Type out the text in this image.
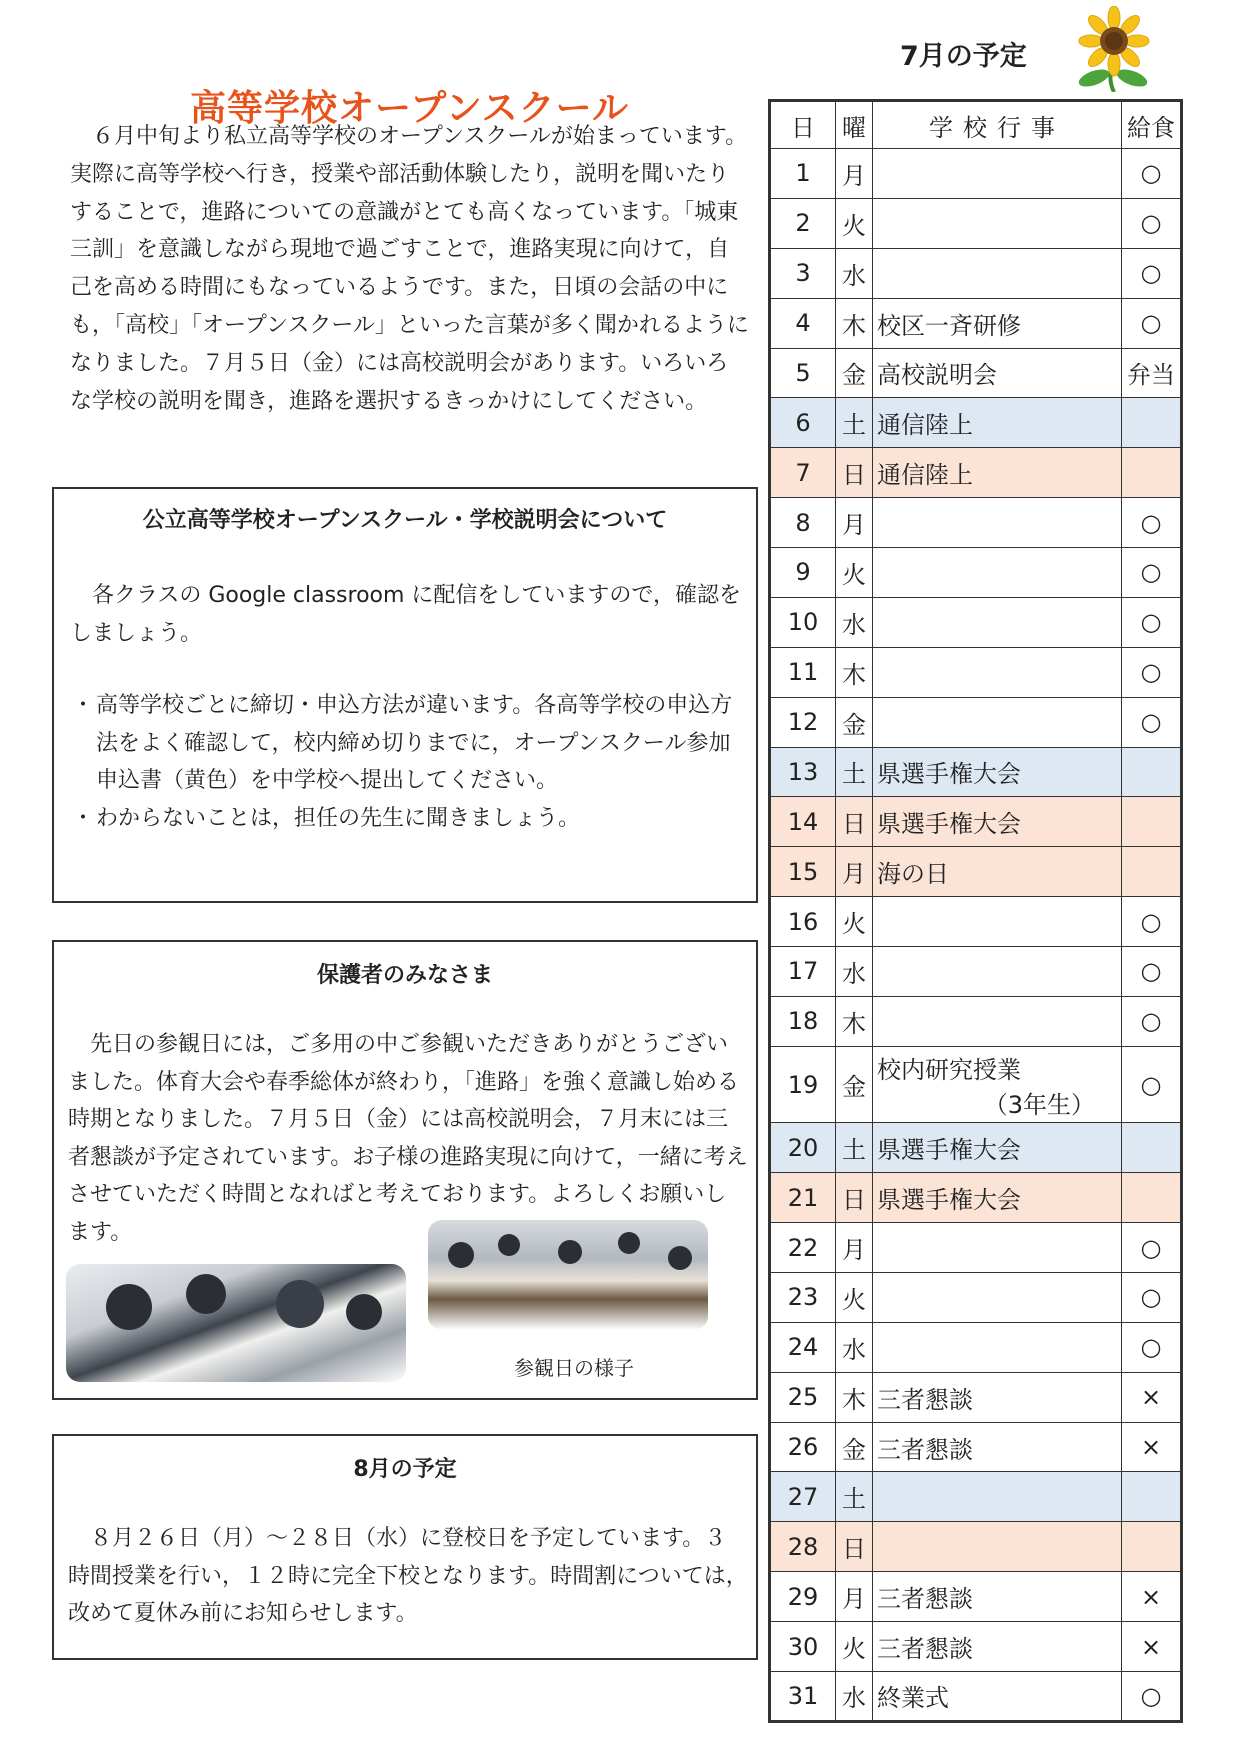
高等学校オープンスクール

　６月中旬より私立高等学校のオープンスクールが始まっています。実際に高等学校へ行き，授業や部活動体験したり，説明を聞いたりすることで，進路についての意識がとても高くなっています。「城東三訓」を意識しながら現地で過ごすことで，進路実現に向けて，自己を高める時間にもなっているようです。また，日頃の会話の中にも，「高校」「オープンスクール」といった言葉が多く聞かれるようになりました。７月５日（金）には高校説明会があります。いろいろな学校の説明を聞き，進路を選択するきっかけにしてください。

公立高等学校オープンスクール・学校説明会について

　各クラスの Google classroom に配信をしていますので，確認をしましょう。

・ 高等学校ごとに締切・申込方法が違います。各高等学校の申込方法をよく確認して，校内締め切りまでに，オープンスクール参加申込書（黄色）を中学校へ提出してください。
・ わからないことは，担任の先生に聞きましょう。
保護者のみなさま

　先日の参観日には，ご多用の中ご参観いただきありがとうございました。体育大会や春季総体が終わり，「進路」を強く意識し始める時期となりました。７月５日（金）には高校説明会，７月末には三者懇談が予定されています。お子様の進路実現に向けて，一緒に考えさせていただく時間となればと考えております。よろしくお願いします。

参観日の様子
8月の予定

　８月２６日（月）～２８日（水）に登校日を予定しています。３時間授業を行い，１２時に完全下校となります。時間割については，改めて夏休み前にお知らせします。

7月の予定
日	曜	学校行事	給食
1	月		○
2	火		○
3	水		○
4	木	校区一斉研修	○
5	金	高校説明会	弁当
6	土	通信陸上	
7	日	通信陸上	
8	月		○
9	火		○
10	水		○
11	木		○
12	金		○
13	土	県選手権大会	
14	日	県選手権大会	
15	月	海の日	
16	火		○
17	水		○
18	木		○
19	金	校内研究授業
（3年生）	○
20	土	県選手権大会	
21	日	県選手権大会	
22	月		○
23	火		○
24	水		○
25	木	三者懇談	×
26	金	三者懇談	×
27	土		
28	日		
29	月	三者懇談	×
30	火	三者懇談	×
31	水	終業式	○
